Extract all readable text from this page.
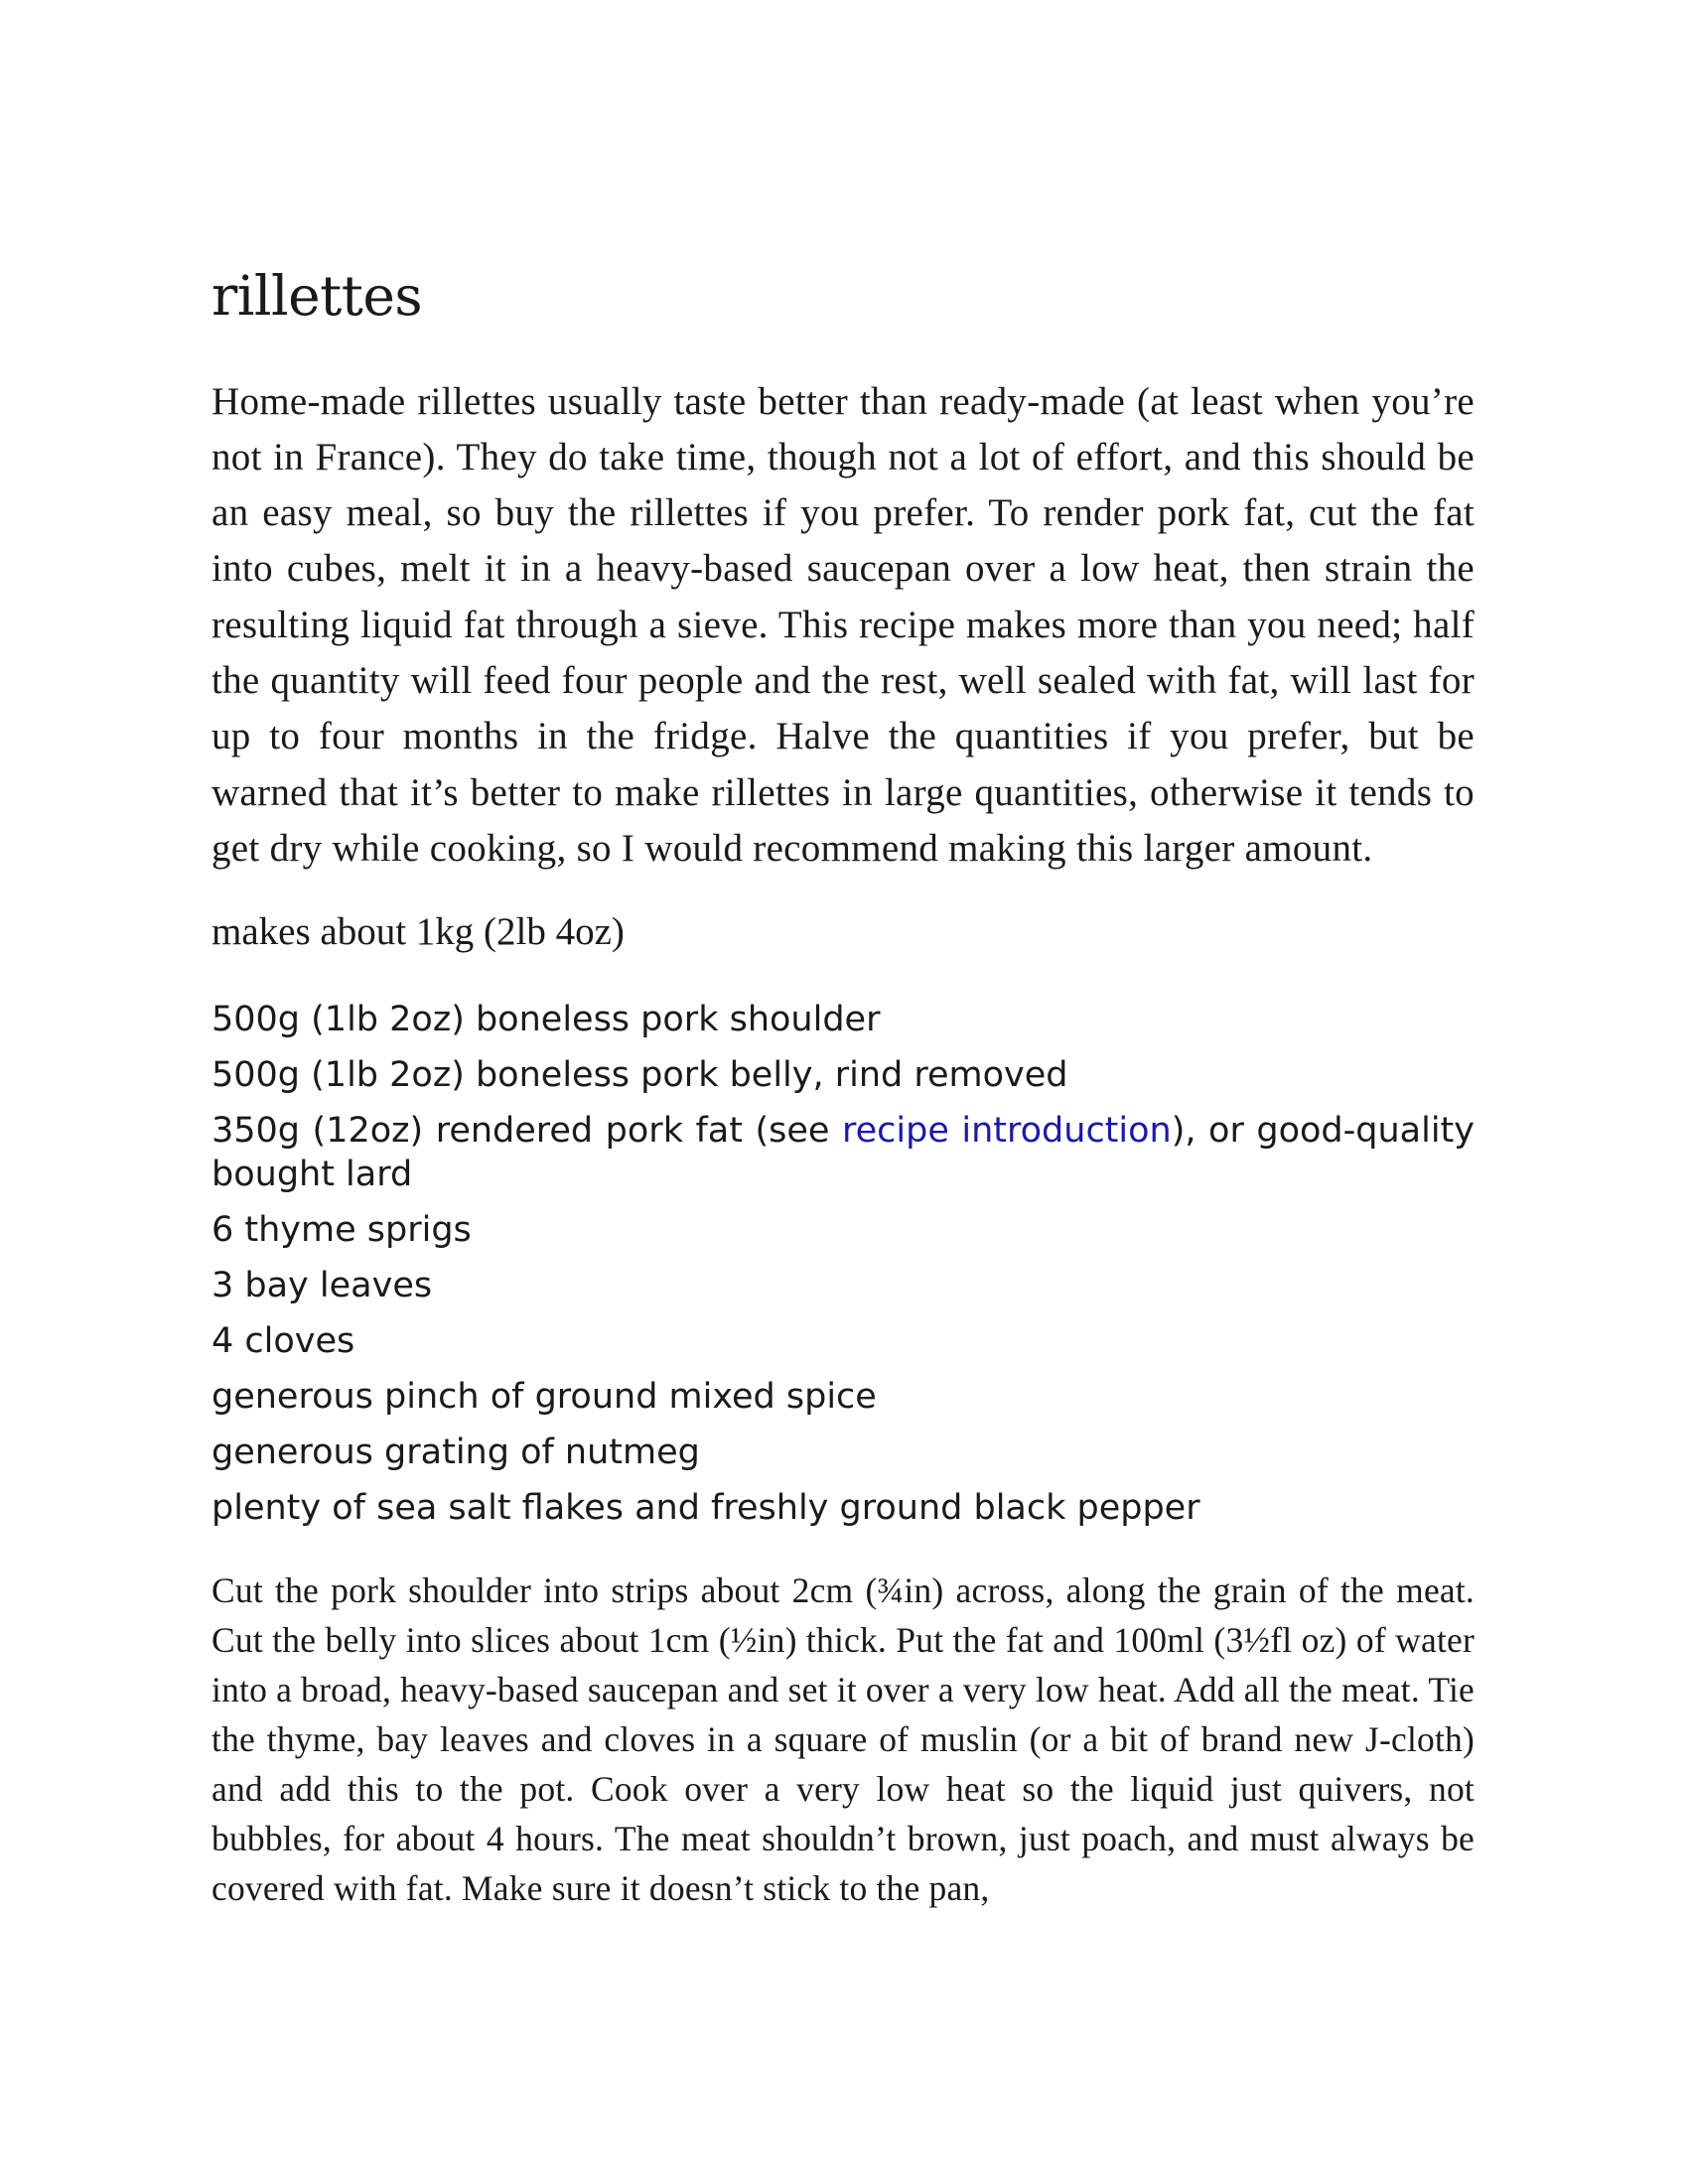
rillettes

Home-made rillettes usually taste better than ready-made (at least when you’re not in France). They do take time, though not a lot of effort, and this should be an easy meal, so buy the rillettes if you prefer. To render pork fat, cut the fat into cubes, melt it in a heavy-based saucepan over a low heat, then strain the resulting liquid fat through a sieve. This recipe makes more than you need; half the quantity will feed four people and the rest, well sealed with fat, will last for up to four months in the fridge. Halve the quantities if you prefer, but be warned that it’s better to make rillettes in large quantities, otherwise it tends to get dry while cooking, so I would recommend making this larger amount.

makes about 1kg (2lb 4oz)

500g (1lb 2oz) boneless pork shoulder
500g (1lb 2oz) boneless pork belly, rind removed
350g (12oz) rendered pork fat (see recipe introduction), or good-quality bought lard
6 thyme sprigs
3 bay leaves
4 cloves
generous pinch of ground mixed spice
generous grating of nutmeg
plenty of sea salt flakes and freshly ground black pepper

Cut the pork shoulder into strips about 2cm (¾in) across, along the grain of the meat. Cut the belly into slices about 1cm (½in) thick. Put the fat and 100ml (3½fl oz) of water into a broad, heavy-based saucepan and set it over a very low heat. Add all the meat. Tie the thyme, bay leaves and cloves in a square of muslin (or a bit of brand new J-cloth) and add this to the pot. Cook over a very low heat so the liquid just quivers, not bubbles, for about 4 hours. The meat shouldn’t brown, just poach, and must always be covered with fat. Make sure it doesn’t stick to the pan,
